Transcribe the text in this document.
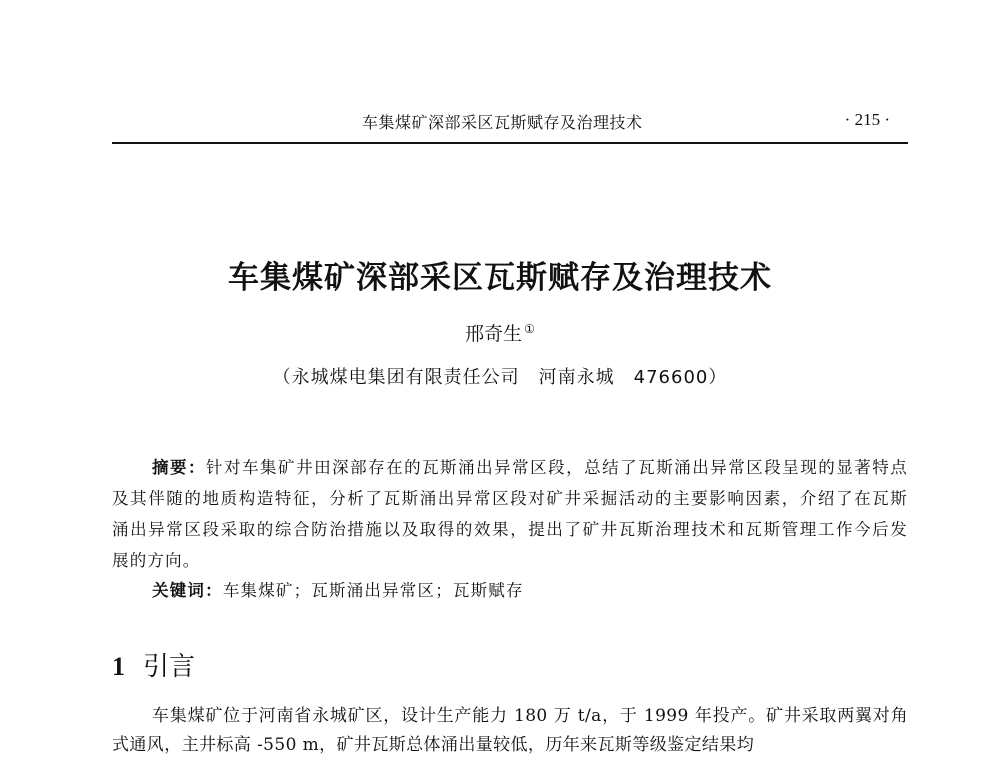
车集煤矿深部采区瓦斯赋存及治理技术	· 215 ·
车集煤矿深部采区瓦斯赋存及治理技术
邢奇生 ①
（永城煤电集团有限责任公司　河南永城　476600）
摘要：针对车集矿井田深部存在的瓦斯涌出异常区段，总结了瓦斯涌出异常区段呈现的显著特点及其伴随的地质构造特征，分析了瓦斯涌出异常区段对矿井采掘活动的主要影响因素，介绍了在瓦斯涌出异常区段采取的综合防治措施以及取得的效果，提出了矿井瓦斯治理技术和瓦斯管理工作今后发展的方向。
关键词：车集煤矿；瓦斯涌出异常区；瓦斯赋存
1 引言
车集煤矿位于河南省永城矿区，设计生产能力 180 万 t/a，于 1999 年投产。矿井采取两翼对角式通风，主井标高 -550 m，矿井瓦斯总体涌出量较低，历年来瓦斯等级鉴定结果均
